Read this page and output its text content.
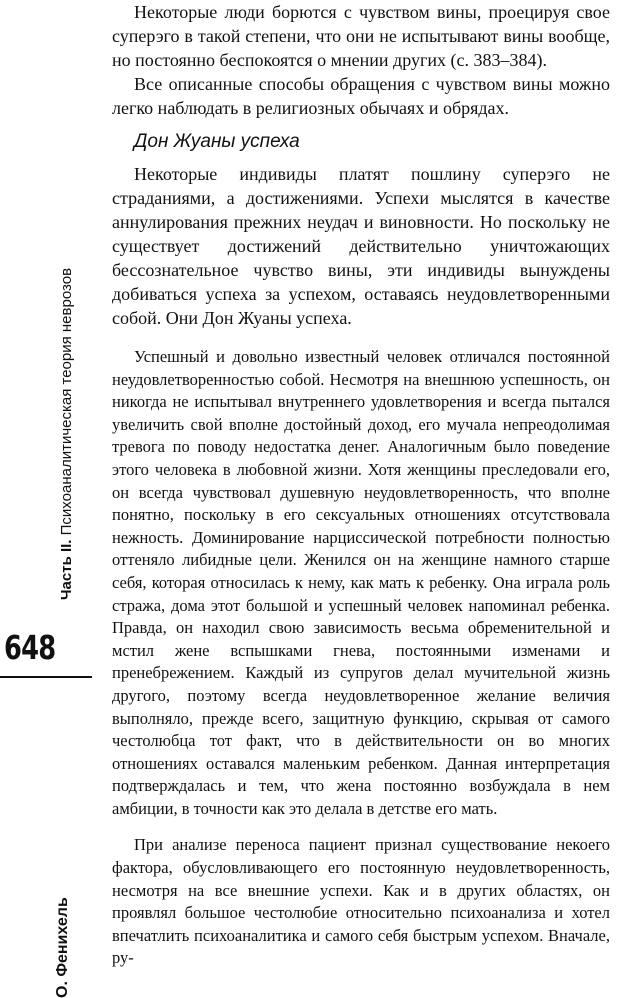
Часть II. Психоаналитическая теория неврозов
648
О. Фенихель

Некоторые люди борются с чувством вины, проецируя свое суперэго в такой степени, что они не испытывают вины вообще, но постоянно беспокоятся о мнении других (с. 383–384).

Все описанные способы обращения с чувством вины можно легко наблюдать в религиозных обычаях и обрядах.

Дон Жуаны успеха

Некоторые индивиды платят пошлину суперэго не страданиями, а достижениями. Успехи мыслятся в качестве аннулирования прежних неудач и виновности. Но поскольку не существует достижений действительно уничтожающих бессознательное чувство вины, эти индивиды вынуждены добиваться успеха за успехом, оставаясь неудовлетворенными собой. Они Дон Жуаны успеха.

Успешный и довольно известный человек отличался постоянной неудовлетворенностью собой. Несмотря на внешнюю успешность, он никогда не испытывал внутреннего удовлетворения и всегда пытался увеличить свой вполне достойный доход, его мучала непреодолимая тревога по поводу недостатка денег. Аналогичным было поведение этого человека в любовной жизни. Хотя женщины преследовали его, он всегда чувствовал душевную неудовлетворенность, что вполне понятно, поскольку в его сексуальных отношениях отсутствовала нежность. Доминирование нарциссической потребности полностью оттеняло либидные цели. Женился он на женщине намного старше себя, которая относилась к нему, как мать к ребенку. Она играла роль стража, дома этот большой и успешный человек напоминал ребенка. Правда, он находил свою зависимость весьма обременительной и мстил жене вспышками гнева, постоянными изменами и пренебрежением. Каждый из супругов делал мучительной жизнь другого, поэтому всегда неудовлетворенное желание величия выполняло, прежде всего, защитную функцию, скрывая от самого честолюбца тот факт, что в действительности он во многих отношениях оставался маленьким ребенком. Данная интерпретация подтверждалась и тем, что жена постоянно возбуждала в нем амбиции, в точности как это делала в детстве его мать.

При анализе переноса пациент признал существование некоего фактора, обусловливающего его постоянную неудовлетворенность, несмотря на все внешние успехи. Как и в других областях, он проявлял большое честолюбие относительно психоанализа и хотел впечатлить психоаналитика и самого себя быстрым успехом. Вначале, ру-
